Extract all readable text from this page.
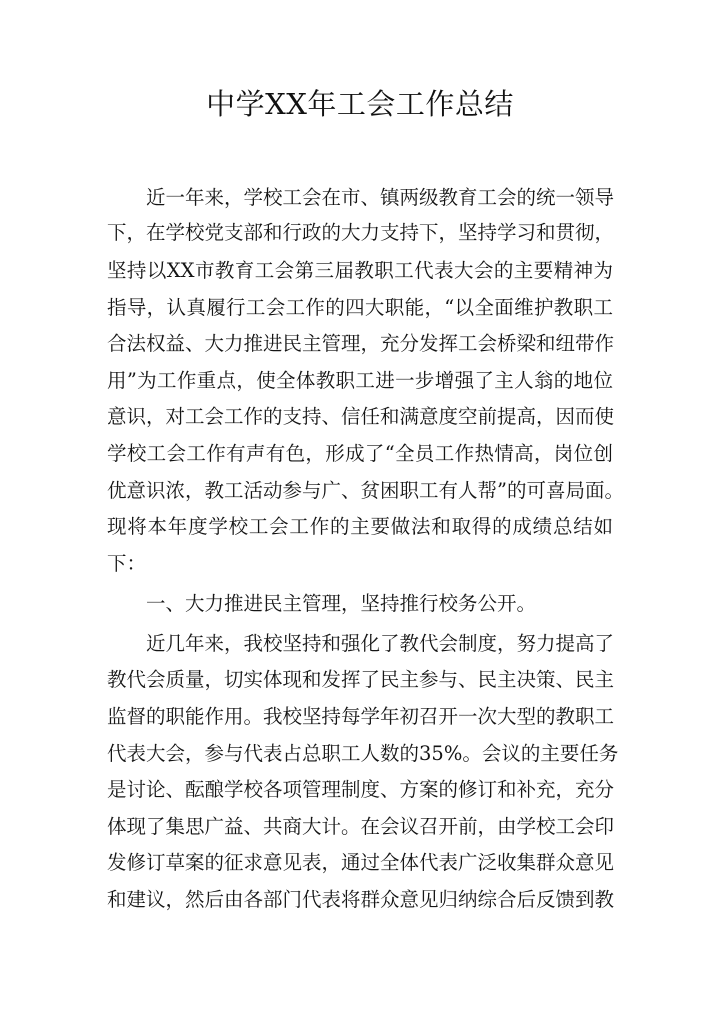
中学XX年工会工作总结
近一年来，学校工会在市、镇两级教育工会的统一领导
下，在学校党支部和行政的大力支持下，坚持学习和贯彻，
坚持以XX市教育工会第三届教职工代表大会的主要精神为
指导，认真履行工会工作的四大职能，“以全面维护教职工
合法权益、大力推进民主管理，充分发挥工会桥梁和纽带作
用”为工作重点，使全体教职工进一步增强了主人翁的地位
意识，对工会工作的支持、信任和满意度空前提高，因而使
学校工会工作有声有色，形成了“全员工作热情高，岗位创
优意识浓，教工活动参与广、贫困职工有人帮”的可喜局面。
现将本年度学校工会工作的主要做法和取得的成绩总结如
下：
一、大力推进民主管理，坚持推行校务公开。
近几年来，我校坚持和强化了教代会制度，努力提高了
教代会质量，切实体现和发挥了民主参与、民主决策、民主
监督的职能作用。我校坚持每学年初召开一次大型的教职工
代表大会，参与代表占总职工人数的35%。会议的主要任务
是讨论、酝酿学校各项管理制度、方案的修订和补充，充分
体现了集思广益、共商大计。在会议召开前，由学校工会印
发修订草案的征求意见表，通过全体代表广泛收集群众意见
和建议，然后由各部门代表将群众意见归纳综合后反馈到教
